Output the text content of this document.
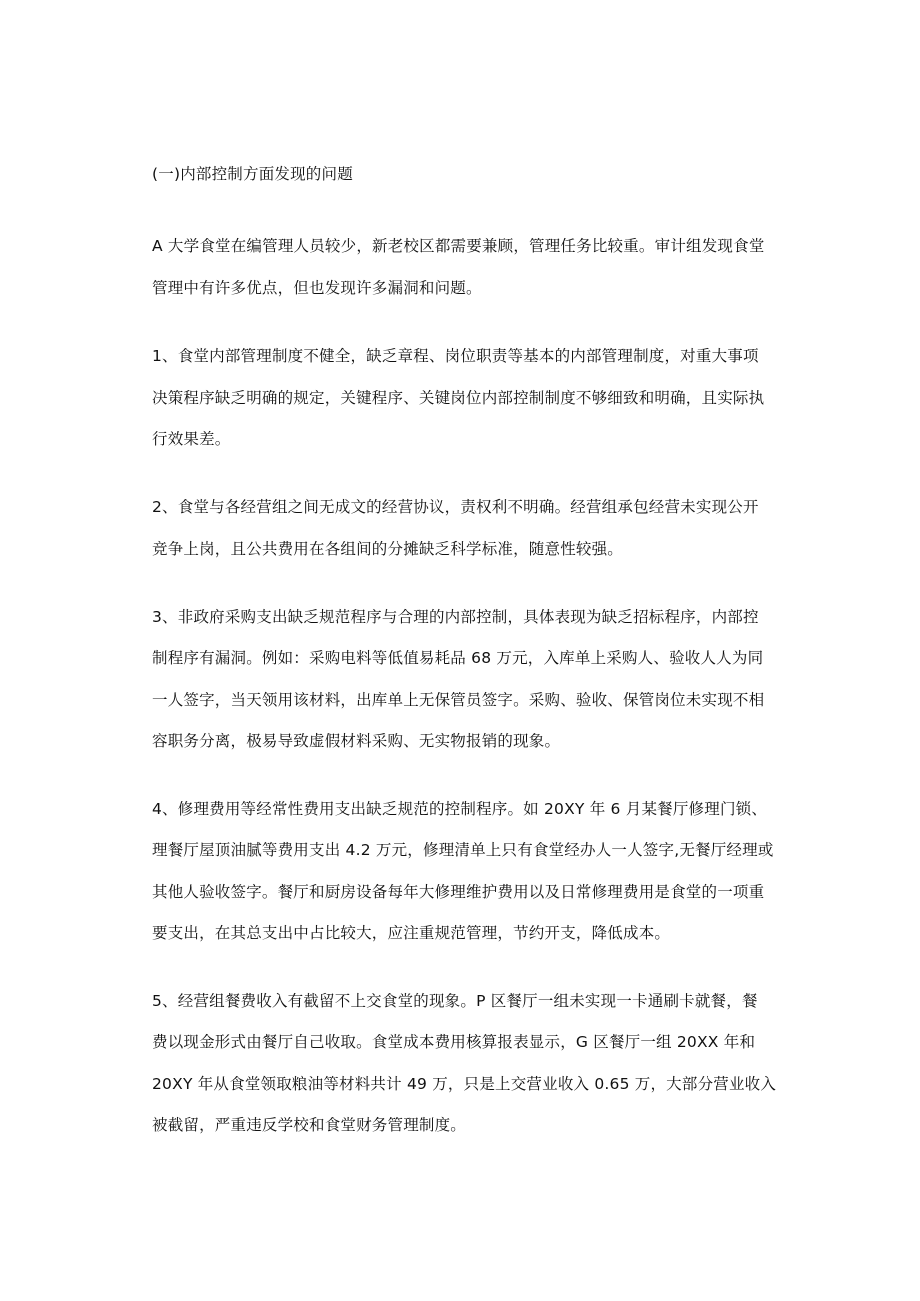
(一)内部控制方面发现的问题
A 大学食堂在编管理人员较少，新老校区都需要兼顾，管理任务比较重。审计组发现食堂
管理中有许多优点，但也发现许多漏洞和问题。
1、食堂内部管理制度不健全，缺乏章程、岗位职责等基本的内部管理制度，对重大事项
决策程序缺乏明确的规定，关键程序、关键岗位内部控制制度不够细致和明确，且实际执
行效果差。
2、食堂与各经营组之间无成文的经营协议，责权利不明确。经营组承包经营未实现公开
竞争上岗，且公共费用在各组间的分摊缺乏科学标准，随意性较强。
3、非政府采购支出缺乏规范程序与合理的内部控制，具体表现为缺乏招标程序，内部控
制程序有漏洞。例如：采购电料等低值易耗品 68 万元，入库单上采购人、验收人人为同
一人签字，当天领用该材料，出库单上无保管员签字。采购、验收、保管岗位未实现不相
容职务分离，极易导致虚假材料采购、无实物报销的现象。
4、修理费用等经常性费用支出缺乏规范的控制程序。如 20XY 年 6 月某餐厅修理门锁、
理餐厅屋顶油腻等费用支出 4.2 万元，修理清单上只有食堂经办人一人签字,无餐厅经理或
其他人验收签字。餐厅和厨房设备每年大修理维护费用以及日常修理费用是食堂的一项重
要支出，在其总支出中占比较大，应注重规范管理，节约开支，降低成本。
5、经营组餐费收入有截留不上交食堂的现象。P 区餐厅一组未实现一卡通刷卡就餐，餐
费以现金形式由餐厅自己收取。食堂成本费用核算报表显示，G 区餐厅一组 20XX 年和
20XY 年从食堂领取粮油等材料共计 49 万，只是上交营业收入 0.65 万，大部分营业收入
被截留，严重违反学校和食堂财务管理制度。
